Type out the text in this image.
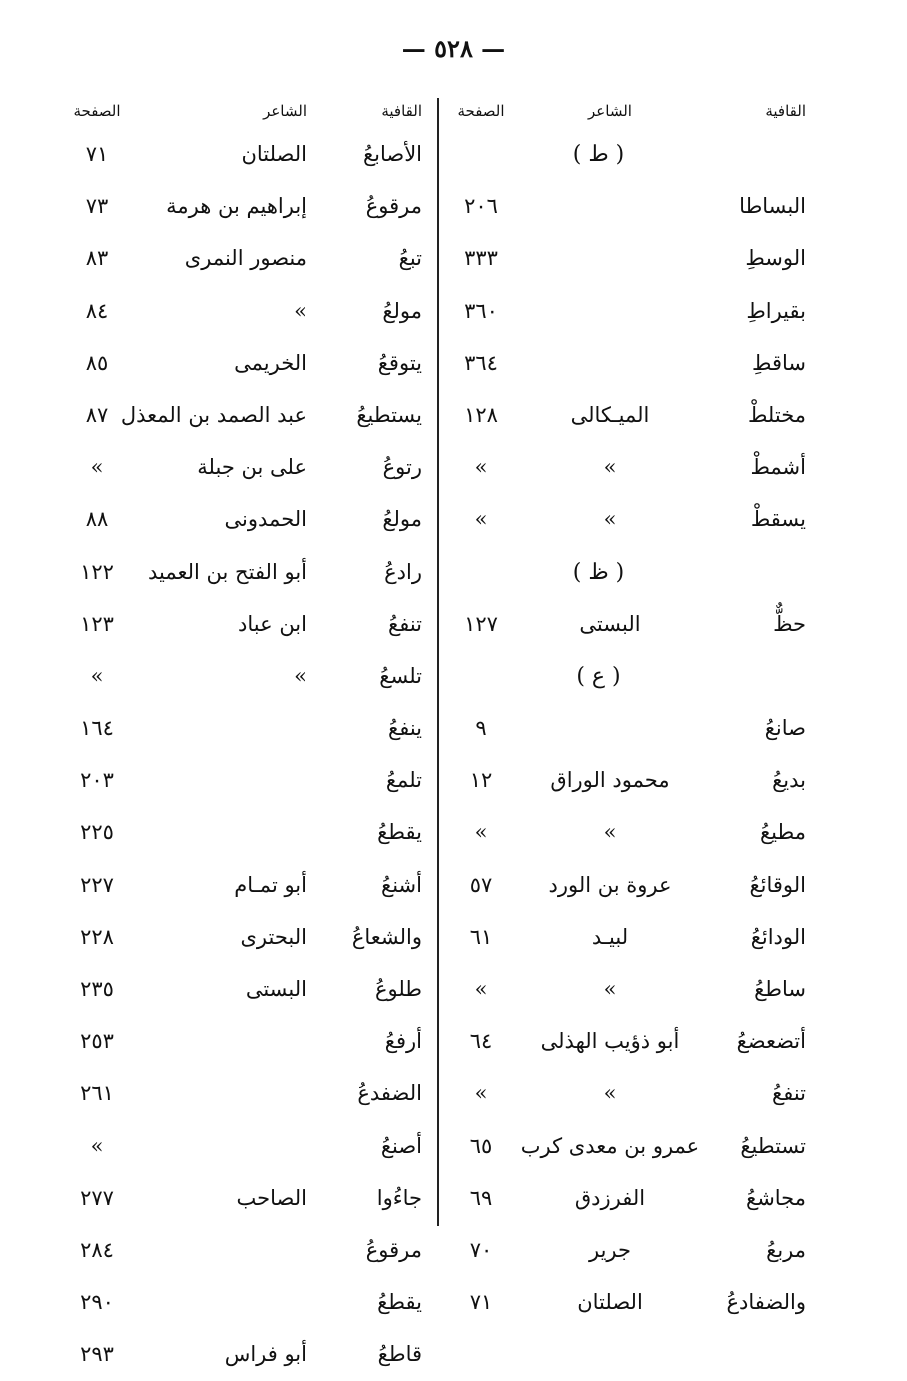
— ٥٢٨ —
القافية
الشاعر
الصفحة
( ط )
البساطا
٢٠٦
الوسطِ
٣٣٣
بقيراطِ
٣٦٠
ساقطِ
٣٦٤
مختلطْ
الميـكالى
١٢٨
أشمطْ
»
»
يسقطْ
»
»
( ظ )
حظٌّ
البستى
١٢٧
( ع )
صانعُ
٩
بديعُ
محمود الوراق
١٢
مطيعُ
»
»
الوقائعُ
عروة بن الورد
٥٧
الودائعُ
لبيـد
٦١
ساطعُ
»
»
أتضعضعُ
أبو ذؤيب الهذلى
٦٤
تنفعُ
»
»
تستطيعُ
عمرو بن معدى كرب
٦٥
مجاشعُ
الفرزدق
٦٩
مربعُ
جرير
٧٠
والضفادعُ
الصلتان
٧١
القافية
الشاعر
الصفحة
الأصابعُ
الصلتان
٧١
مرقوعُ
إبراهيم بن هرمة
٧٣
تبعُ
منصور النمرى
٨٣
مولعُ
»
٨٤
يتوقعُ
الخريمى
٨٥
يستطيعُ
عبد الصمد بن المعذل
٨٧
رتوعُ
على بن جبلة
»
مولعُ
الحمدونى
٨٨
رادعُ
أبو الفتح بن العميد
١٢٢
تنفعُ
ابن عباد
١٢٣
تلسعُ
»
»
ينفعُ
١٦٤
تلمعُ
٢٠٣
يقطعُ
٢٢٥
أشنعُ
أبو تمـام
٢٢٧
والشعاعُ
البحترى
٢٢٨
طلوعُ
البستى
٢٣٥
أرفعُ
٢٥٣
الضفدعُ
٢٦١
أصنعُ
»
جاءُوا
الصاحب
٢٧٧
مرقوعُ
٢٨٤
يقطعُ
٢٩٠
قاطعُ
أبو فراس
٢٩٣
